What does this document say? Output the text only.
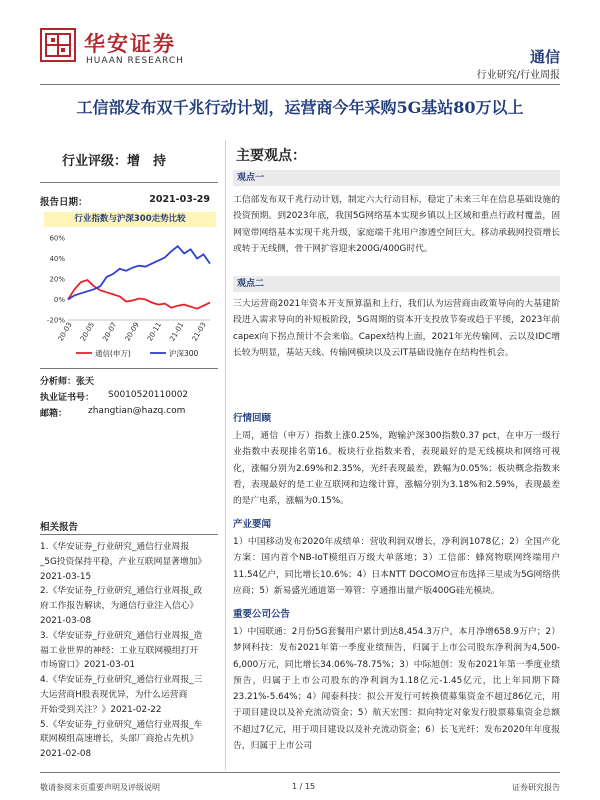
华安证券
HUAAN RESEARCH	通信
行业研究/行业周报
工信部发布双千兆行动计划，运营商今年采购5G基站80万以上
行业评级：增　持
报告日期：	2021-03-29
行业指数与沪深300走势比较
60%
40%
20%
0%
-20%
20-03 20-05 20-07 20-09 20-11 21-01 21-03
通信(申万)	沪深300
分析师：张天
执业证书号： S0010520110002
邮箱： zhangtian@hazq.com
相关报告
1.《华安证券_行业研究_通信行业周报
_5G投资保持平稳，产业互联网显著增加》
2021-03-15
2.《华安证券_行业研究_通信行业周报_政
府工作报告解读，为通信行业注入信心》
2021-03-08
3.《华安证券_行业研究_通信行业周报_造
福工业世界的神经：工业互联网模组打开
市场窗口》2021-03-01
4.《华安证券_行业研究_通信行业周报_三
大运营商H股表现优异，为什么运营商
开始受到关注？》2021-02-22
5.《华安证券_行业研究_通信行业周报_车
联网模组高速增长，头部厂商抢占先机》
2021-02-08
主要观点：
观点一
工信部发布双千兆行动计划，制定六大行动目标，稳定了未来三年在信息基础设施的投资预期。到2023年底，我国5G网络基本实现乡镇以上区域和重点行政村覆盖，固网宽带网络基本实现千兆升级，家庭端千兆用户渗透空间巨大。移动承载网投资增长或转于无线侧，骨干网扩容迎来200G/400G时代。
观点二
三大运营商2021年资本开支预算温和上行，我们认为运营商由政策导向的大基建阶段进入需求导向的补短板阶段，5G周期的资本开支投放节奏或趋于平缓，2023年前capex向下拐点预计不会来临。Capex结构上面，2021年光传输网、云以及IDC增长较为明显，基站天线、传输网模块以及云IT基础设施存在结构性机会。
行情回顾
上周，通信（申万）指数上涨0.25%，跑输沪深300指数0.37 pct，在申万一级行业指数中表现排名第16。板块行业指数来看，表现最好的是无线模块和网络可视化，涨幅分别为2.69%和2.35%，光纤表现最差，跌幅为0.05%；板块概念指数来看，表现最好的是工业互联网和边缘计算，涨幅分别为3.18%和2.59%，表现最差的是广电系，涨幅为0.15%。
产业要闻
1）中国移动发布2020年成绩单：营收利润双增长，净利润1078亿；2）全国产化方案：国内首个NB-IoT模组百万级大单落地；3）工信部：蜂窝物联网终端用户11.54亿户，同比增长10.6%；4）日本NTT DOCOMO宣布选择三星成为5G网络供应商；5）新易盛光通道第一筹管：亨通推出量产版400G硅光模块。
重要公司公告
1）中国联通：2月份5G套餐用户累计到达8,454.3万户，本月净增658.9万户；2）梦网科技：发布2021年第一季度业绩预告，归属于上市公司股东净利润为4,500-6,000万元，同比增长34.06%-78.75%；3）中际旭创：发布2021年第一季度业绩预告，归属于上市公司股东的净利润为1.18亿元-1.45亿元，比上年同期下降23.21%-5.64%；4）闻泰科技：拟公开发行可转换债募集资金不超过86亿元，用于项目建设以及补充流动资金；5）航天宏图：拟向特定对象发行股票募集资金总额不超过7亿元，用于项目建设以及补充流动资金；6）长飞光纤：发布2020年年度报告，归属于上市公司
敬请参阅末页重要声明及评级说明	1 / 15	证券研究报告
